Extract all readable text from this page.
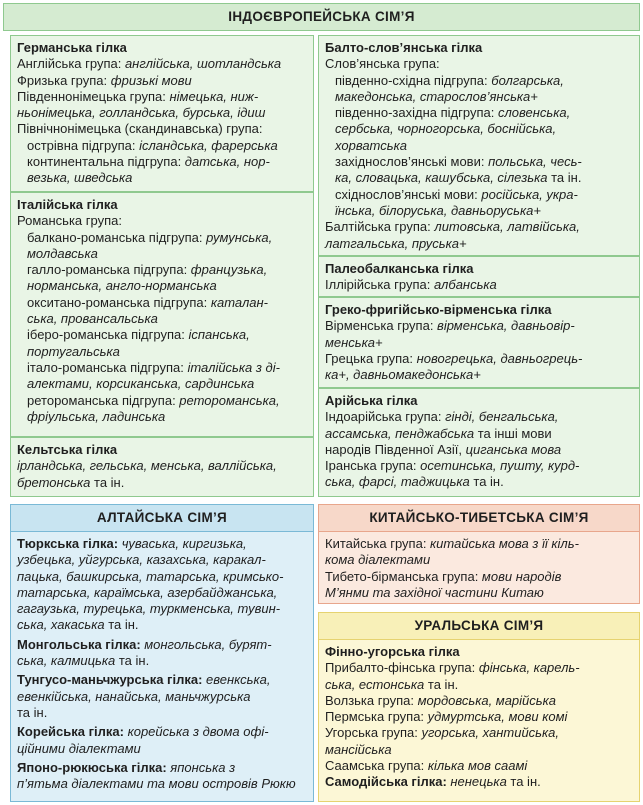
ІНДОЄВРОПЕЙСЬКА СІМ’Я
Германська гілка
Англійська група: англійська, шотландська
Фризька група: фризькі мови
Південнонімецька група: німецька, ниж-
ньонімецька, голландська, бурська, ідиш
Північнонімецька (скандинавська) група:
острівна підгрупа: ісландська, фарерська
континентальна підгрупа: датська, нор-
везька, шведська
Італійська гілка
Романська група:
балкано-романська підгрупа: румунська,
молдавська
галло-романська підгрупа: французька,
норманська, англо-норманська
окситано-романська підгрупа: каталан-
ська, провансальська
іберо-романська підгрупа: іспанська,
португальська
італо-романська підгрупа: італійська з ді-
алектами, корсиканська, сардинська
ретороманська підгрупа: ретороманська,
фріульська, ладинська
Кельтська гілка
ірландська, гельська, менська, валлійська,
бретонська та ін.
Балто-слов’янська гілка
Слов’янська група:
південно-східна підгрупа: болгарська,
македонська, старослов’янська+
південно-західна підгрупа: словенська,
сербська, чорногорська, боснійська,
хорватська
західнослов’янські мови: польська, чесь-
ка, словацька, кашубська, сілезька та ін.
східнослов’янські мови: російська, укра-
їнська, білоруська, давньоруська+
Балтійська група: литовська, латвійська,
латгальська, пруська+
Палеобалканська гілка
Іллірійська група: албанська
Греко-фригійсько-вірменська гілка
Вірменська група: вірменська, давньовір-
менська+
Грецька група: новогрецька, давньогрець-
ка+, давньомакедонська+
Арійська гілка
Індоарійська група: гінді, бенгальська,
ассамська, пенджабська та інші мови
народів Південної Азії, циганська мова
Іранська група: осетинська, пушту, курд-
ська, фарсі, таджицька та ін.
АЛТАЙСЬКА СІМ’Я
Тюркська гілка: чуваська, киргизька,
узбецька, уйгурська, казахська, каракал-
пацька, башкирська, татарська, кримсько-
татарська, караїмська, азербайджанська,
гагаузька, турецька, туркменська, тувин-
ська, хакаська та ін.
Монгольська гілка: монгольська, бурят-
ська, калмицька та ін.
Тунгусо-маньчжурська гілка: евенкська,
евенкійська, нанайська, маньчжурська
та ін.
Корейська гілка: корейська з двома офі-
ційними діалектами
Японо-рюкюська гілка: японська з
п’ятьма діалектами та мови островів Рюкю
КИТАЙСЬКО-ТИБЕТСЬКА СІМ’Я
Китайська група: китайська мова з її кіль-
кома діалектами
Тибето-бірманська група: мови народів
М’янми та західної частини Китаю
УРАЛЬСЬКА СІМ’Я
Фінно-угорська гілка
Прибалто-фінська група: фінська, карель-
ська, естонська та ін.
Волзька група: мордовська, марійська
Пермська група: удмуртська, мови комі
Угорська група: угорська, хантийська,
мансійська
Саамська група: кілька мов саамі
Самодійська гілка: ненецька та ін.
